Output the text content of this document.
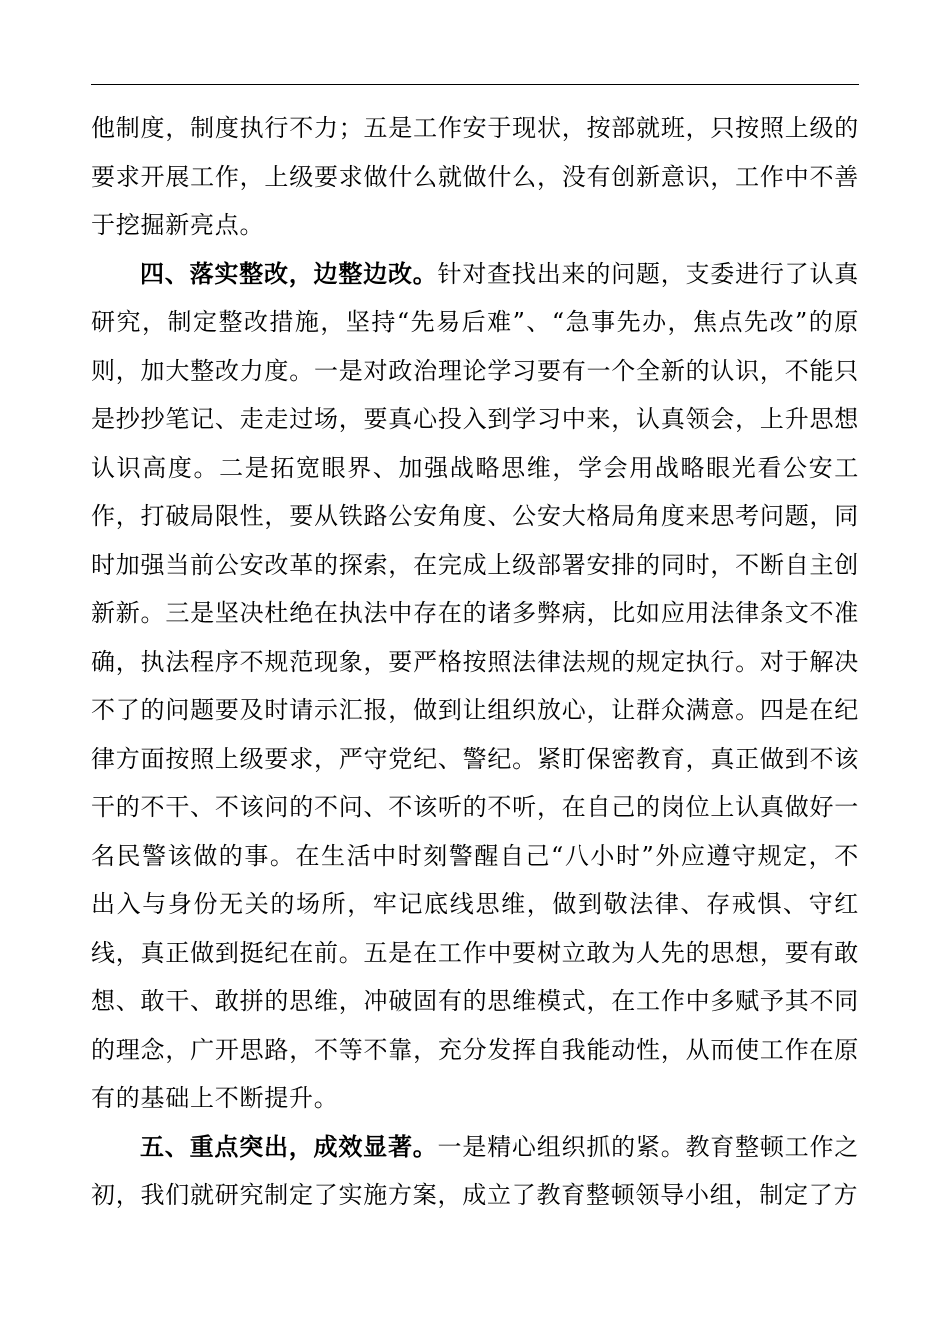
他制度，制度执行不力；五是工作安于现状，按部就班，只按照上级的要求开展工作，上级要求做什么就做什么，没有创新意识，工作中不善于挖掘新亮点。

四、落实整改，边整边改。针对查找出来的问题，支委进行了认真研究，制定整改措施，坚持“先易后难”、“急事先办，焦点先改”的原则，加大整改力度。一是对政治理论学习要有一个全新的认识，不能只是抄抄笔记、走走过场，要真心投入到学习中来，认真领会，上升思想认识高度。二是拓宽眼界、加强战略思维，学会用战略眼光看公安工作，打破局限性，要从铁路公安角度、公安大格局角度来思考问题，同时加强当前公安改革的探索，在完成上级部署安排的同时，不断自主创新新。三是坚决杜绝在执法中存在的诸多弊病，比如应用法律条文不准确，执法程序不规范现象，要严格按照法律法规的规定执行。对于解决不了的问题要及时请示汇报，做到让组织放心，让群众满意。四是在纪律方面按照上级要求，严守党纪、警纪。紧盯保密教育，真正做到不该干的不干、不该问的不问、不该听的不听，在自己的岗位上认真做好一名民警该做的事。在生活中时刻警醒自己“八小时”外应遵守规定，不出入与身份无关的场所，牢记底线思维，做到敬法律、存戒惧、守红线，真正做到挺纪在前。五是在工作中要树立敢为人先的思想，要有敢想、敢干、敢拼的思维，冲破固有的思维模式，在工作中多赋予其不同的理念，广开思路，不等不靠，充分发挥自我能动性，从而使工作在原有的基础上不断提升。

五、重点突出，成效显著。一是精心组织抓的紧。教育整顿工作之初，我们就研究制定了实施方案，成立了教育整顿领导小组，制定了方
